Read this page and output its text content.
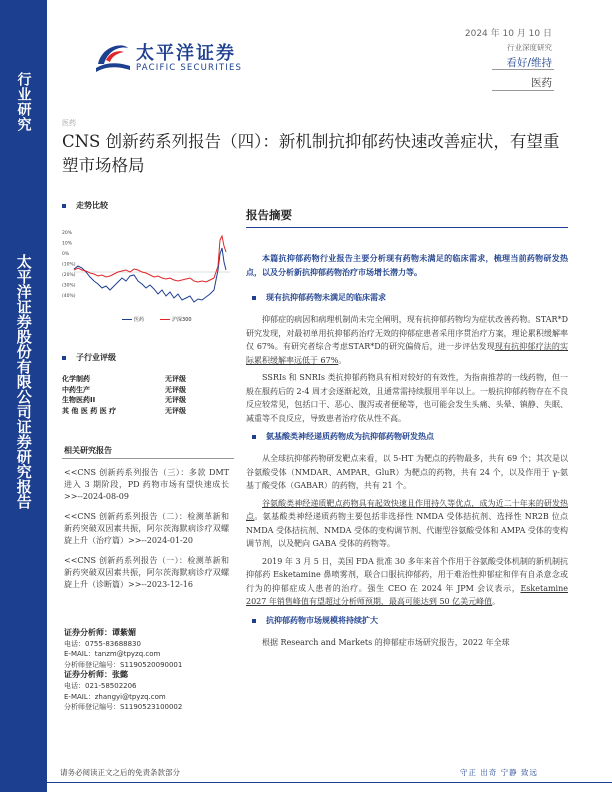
行业研究
太平洋证券股份有限公司证券研究报告
太平洋证券
PACIFIC SECURITIES
2024 年 10 月 10 日
行业深度研究
看好/维持
医药
医药
CNS 创新药系列报告（四）：新机制抗抑郁药快速改善症状，有望重塑市场格局
走势比较
20%
10%
0%
(10%)
(20%)
(30%)
(40%)
医药	沪深300
子行业评级
化学制药	无评级
中药生产	无评级
生物医药II	无评级
其 他 医 药 医 疗	无评级
相关研究报告
<<CNS 创新药系列报告（三）：多款 DMT 进入 3 期阶段，PD 药物市场有望快速成长>>--2024-08-09
<<CNS 创新药系列报告（二）：检测革新和新药突破双因素共振，阿尔茨海默病诊疗双螺旋上升（治疗篇）>>--2024-01-20
<<CNS 创新药系列报告（一）：检测革新和新药突破双因素共振，阿尔茨海默病诊疗双螺旋上升（诊断篇）>>--2023-12-16
证券分析师：谭紫媚
电话：0755-83688830
E-MAIL：tanzm@tpyzq.com
分析师登记编号：S1190520090001
证券分析师：张懿
电话：021-58502206
E-MAIL：zhangyi@tpyzq.com
分析师登记编号：S1190523100002
报告摘要
本篇抗抑郁药物行业报告主要分析现有药物未满足的临床需求，梳理当前药物研发热点，以及分析新抗抑郁药物治疗市场增长潜力等。
现有抗抑郁药物未满足的临床需求
抑郁症的病因和病理机制尚未完全阐明，现有抗抑郁药物均为症状改善药物。STAR*D 研究发现，对最初单用抗抑郁药治疗无效的抑郁症患者采用序贯治疗方案，理论累积缓解率仅 67%。有研究者综合考虑STAR*D的研究偏倚后，进一步评估发现现有抗抑郁疗法的实际累积缓解率远低于 67%。
SSRIs 和 SNRIs 类抗抑郁药物具有相对较好的有效性，为指南推荐的一线药物，但一般在服药后的 2-4 周才会逐渐起效，且通常需持续服用半年以上。一般抗抑郁药物存在不良反应较常见，包括口干、恶心、腹泻或者便秘等，也可能会发生头痛、头晕、镇静、失眠、减重等不良反应，导致患者治疗依从性不高。
氨基酸类神经递质药物成为抗抑郁药物研发热点
从全球抗抑郁药物研发靶点来看，以 5-HT 为靶点的药物最多，共有 69 个；其次是以谷氨酸受体（NMDAR、AMPAR、GluR）为靶点的药物，共有 24 个，以及作用于 γ-氨基丁酸受体（GABAR）的药物，共有 21 个。
谷氨酸类神经递质靶点药物具有起效快速且作用持久等优点，成为近二十年来的研发热点。氨基酸类神经递质药物主要包括非选择性 NMDA 受体拮抗剂、选择性 NR2B 位点 NMDA 受体拮抗剂、NMDA 受体的变构调节剂、代谢型谷氨酸受体和 AMPA 受体的变构调节剂，以及靶向 GABA 受体的药物等。
2019 年 3 月 5 日，美国 FDA 批准 30 多年来首个作用于谷氨酸受体机制的新机制抗抑郁药 Esketamine 鼻喷雾剂，联合口服抗抑郁药，用于难治性抑郁症和伴有自杀意念或行为的抑郁症成人患者的治疗。强生 CEO 在 2024 年 JPM 会议表示，Esketamine 2027 年销售峰值有望超过分析师预期，最高可能达到 50 亿美元峰值。
抗抑郁药物市场规模将持续扩大
根据 Research and Markets 的抑郁症市场研究报告，2022 年全球
请务必阅读正文之后的免责条款部分	守正 出奇 宁静 致远
